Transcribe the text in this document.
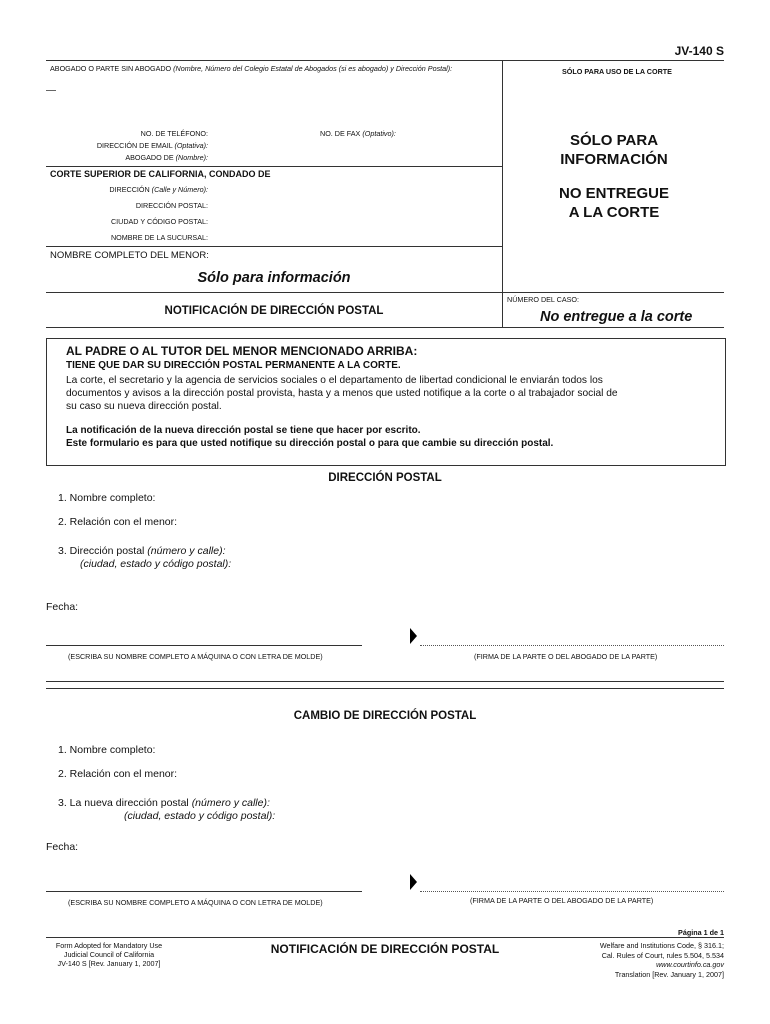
JV-140 S
ABOGADO O PARTE SIN ABOGADO (Nombre, Número del Colegio Estatal de Abogados (si es abogado) y Dirección Postal):	SÓLO PARA USO DE LA CORTE
NO. DE TELÉFONO:	NO. DE FAX (Optativo):
DIRECCIÓN DE EMAIL (Optativa):
ABOGADO DE (Nombre):
SÓLO PARA
INFORMACIÓN
NO ENTREGUE
A LA CORTE
CORTE SUPERIOR DE CALIFORNIA, CONDADO DE
DIRECCIÓN (Calle y Número):
DIRECCIÓN POSTAL:
CIUDAD Y CÓDIGO POSTAL:
NOMBRE DE LA SUCURSAL:
NOMBRE COMPLETO DEL MENOR:
Sólo para información
NÚMERO DEL CASO:
NOTIFICACIÓN DE DIRECCIÓN POSTAL	No entregue a la corte
AL PADRE O AL TUTOR DEL MENOR MENCIONADO ARRIBA:
TIENE QUE DAR SU DIRECCIÓN POSTAL PERMANENTE A LA CORTE.
La corte, el secretario y la agencia de servicios sociales o el departamento de libertad condicional le enviarán todos los
documentos y avisos a la dirección postal provista, hasta y a menos que usted notifique a la corte o al trabajador social de
su caso su nueva dirección postal.
La notificación de la nueva dirección postal se tiene que hacer por escrito.
Este formulario es para que usted notifique su dirección postal o para que cambie su dirección postal.
DIRECCIÓN POSTAL
1. Nombre completo:
2. Relación con el menor:
3. Dirección postal (número y calle):
(ciudad, estado y código postal):
Fecha:
(ESCRIBA SU NOMBRE COMPLETO A MÁQUINA O CON LETRA DE MOLDE)	(FIRMA DE LA PARTE O DEL ABOGADO DE LA PARTE)
CAMBIO DE DIRECCIÓN POSTAL
1. Nombre completo:
2. Relación con el menor:
3. La nueva dirección postal (número y calle):
(ciudad, estado y código postal):
Fecha:
(ESCRIBA SU NOMBRE COMPLETO A MÁQUINA O CON LETRA DE MOLDE)	(FIRMA DE LA PARTE O DEL ABOGADO DE LA PARTE)
Página 1 de 1
Form Adopted for Mandatory Use
Judicial Council of California
JV-140 S [Rev. January 1, 2007]
NOTIFICACIÓN DE DIRECCIÓN POSTAL	Welfare and Institutions Code, § 316.1;
Cal. Rules of Court, rules 5.504, 5.534
www.courtinfo.ca.gov
Translation [Rev. January 1, 2007]
